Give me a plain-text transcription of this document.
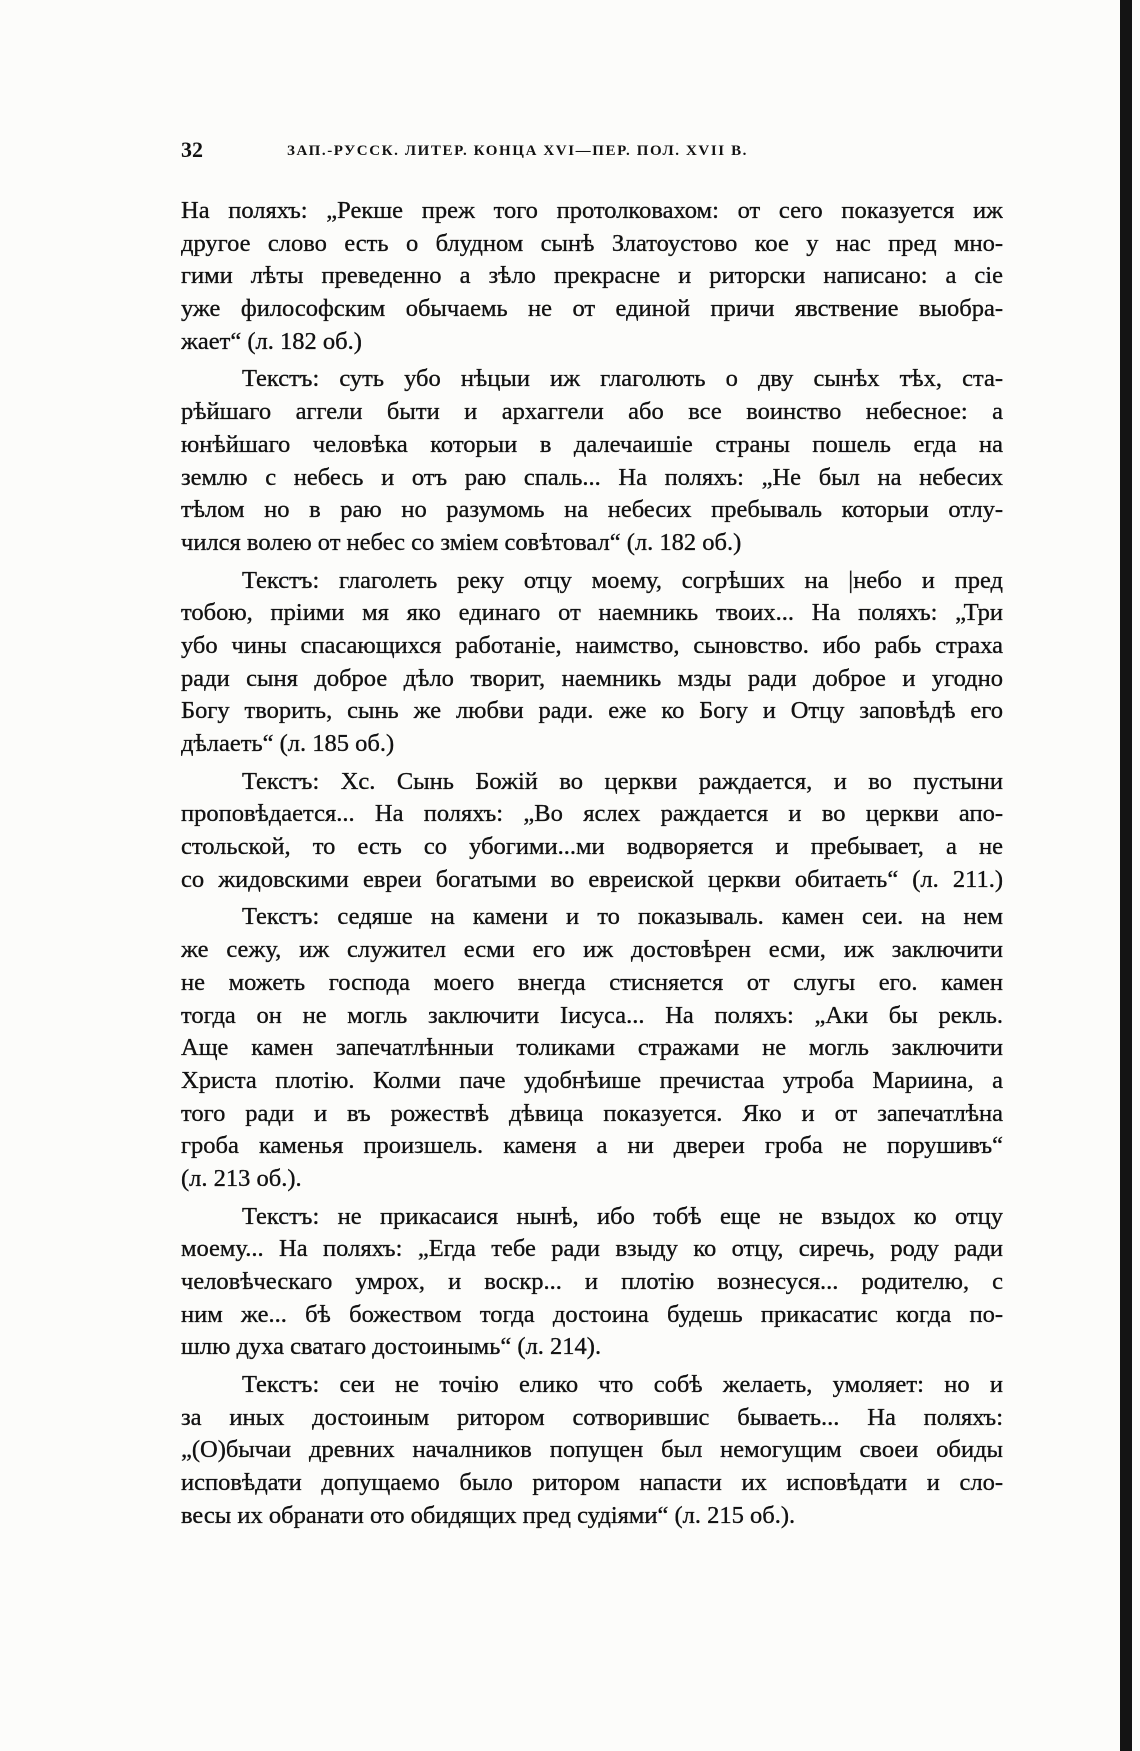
32	ЗАП.-РУССК. ЛИТЕР. КОНЦА XVI—ПЕР. ПОЛ. XVII В.
На поляхъ: „Рекше преж того протолковахом: от сего показуется иж
другое слово есть о блудном сынѣ Златоустово кое у нас пред мно-
гими лѣты преведенно а зѣло прекрасне и риторски написано: а сіе
уже философским обычаемь не от единой причи явствение выобра-
жает“ (л. 182 об.)
Текстъ: суть убо нѣцыи иж глаголють о дву сынѣх тѣх, ста-
рѣйшаго аггели быти и архаггели або все воинство небесное: а
юнѣйшаго человѣка которыи в далечаишіе страны пошель егда на
землю с небесь и отъ раю спаль... На поляхъ: „Не был на небесих
тѣлом но в раю но разумомь на небесих пребываль которыи отлу-
чился волею от небес со зміем совѣтовал“ (л. 182 об.)
Текстъ: глаголеть реку отцу моему, согрѣших на |небо и пред
тобою, пріими мя яко единаго от наемникь твоих... На поляхъ: „Три
убо чины спасающихся работаніе, наимство, сыновство. ибо рабь страха
ради сыня доброе дѣло творит, наемникь мзды ради доброе и угодно
Богу творить, сынь же любви ради. еже ко Богу и Отцу заповѣдѣ его
дѣлаеть“ (л. 185 об.)
Текстъ: Хс. Сынь Божій во церкви раждается, и во пустыни
проповѣдается... На поляхъ: „Во яслех раждается и во церкви апо-
стольской, то есть со убогими...ми водворяется и пребывает, а не
со жидовскими евреи богатыми во евреиской церкви обитаеть“ (л. 211.)
Текстъ: седяше на камени и то показываль. камен сеи. на нем
же сежу, иж служител есми его иж достовѣрен есми, иж заключити
не можеть господа моего внегда стисняется от слугы его. камен
тогда он не могль заключити Іисуса... На поляхъ: „Аки бы рекль.
Аще камен запечатлѣнныи толиками стражами не могль заключити
Христа плотію. Колми паче удобнѣише пречистаа утроба Мариина, а
того ради и въ рожествѣ дѣвица показуется. Яко и от запечатлѣна
гроба каменья произшель. каменя а ни двереи гроба не порушивъ“
(л. 213 об.).
Текстъ: не прикасаися нынѣ, ибо тобѣ еще не взыдох ко отцу
моему... На поляхъ: „Егда тебе ради взыду ко отцу, сиречь, роду ради
человѣческаго умрох, и воскр... и плотію вознесуся... родителю, с
ним же... бѣ божеством тогда достоина будешь прикасатис когда по-
шлю духа сватаго достоинымь“ (л. 214).
Текстъ: сеи не точію елико что собѣ желаеть, умоляет: но и
за иных достоиным ритором сотворившис бываеть... На поляхъ:
„(О)бычаи древних началников попущен был немогущим своеи обиды
исповѣдати допущаемо было ритором напасти их исповѣдати и сло-
весы их обранати ото обидящих пред судіями“ (л. 215 об.).
